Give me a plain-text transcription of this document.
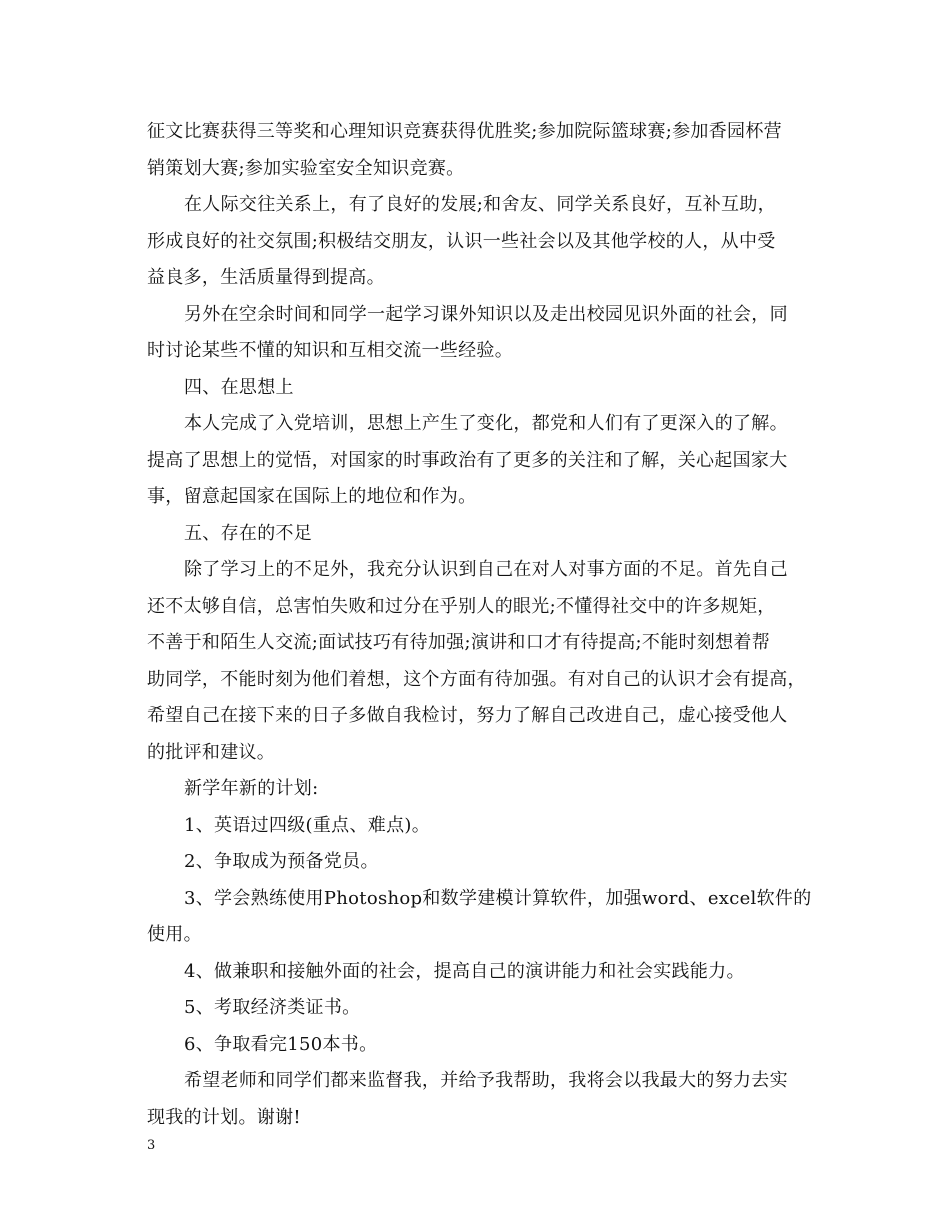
征文比赛获得三等奖和心理知识竞赛获得优胜奖;参加院际篮球赛;参加香园杯营
销策划大赛;参加实验室安全知识竞赛。
在人际交往关系上，有了良好的发展;和舍友、同学关系良好，互补互助，
形成良好的社交氛围;积极结交朋友，认识一些社会以及其他学校的人，从中受
益良多，生活质量得到提高。
另外在空余时间和同学一起学习课外知识以及走出校园见识外面的社会，同
时讨论某些不懂的知识和互相交流一些经验。
四、在思想上
本人完成了入党培训，思想上产生了变化，都党和人们有了更深入的了解。
提高了思想上的觉悟，对国家的时事政治有了更多的关注和了解，关心起国家大
事，留意起国家在国际上的地位和作为。
五、存在的不足
除了学习上的不足外，我充分认识到自己在对人对事方面的不足。首先自己
还不太够自信，总害怕失败和过分在乎别人的眼光;不懂得社交中的许多规矩，
不善于和陌生人交流;面试技巧有待加强;演讲和口才有待提高;不能时刻想着帮
助同学，不能时刻为他们着想，这个方面有待加强。有对自己的认识才会有提高，
希望自己在接下来的日子多做自我检讨，努力了解自己改进自己，虚心接受他人
的批评和建议。
新学年新的计划:
1、英语过四级(重点、难点)。
2、争取成为预备党员。
3、学会熟练使用Photoshop和数学建模计算软件，加强word、excel软件的
使用。
4、做兼职和接触外面的社会，提高自己的演讲能力和社会实践能力。
5、考取经济类证书。
6、争取看完150本书。
希望老师和同学们都来监督我，并给予我帮助，我将会以我最大的努力去实
现我的计划。谢谢!
3
